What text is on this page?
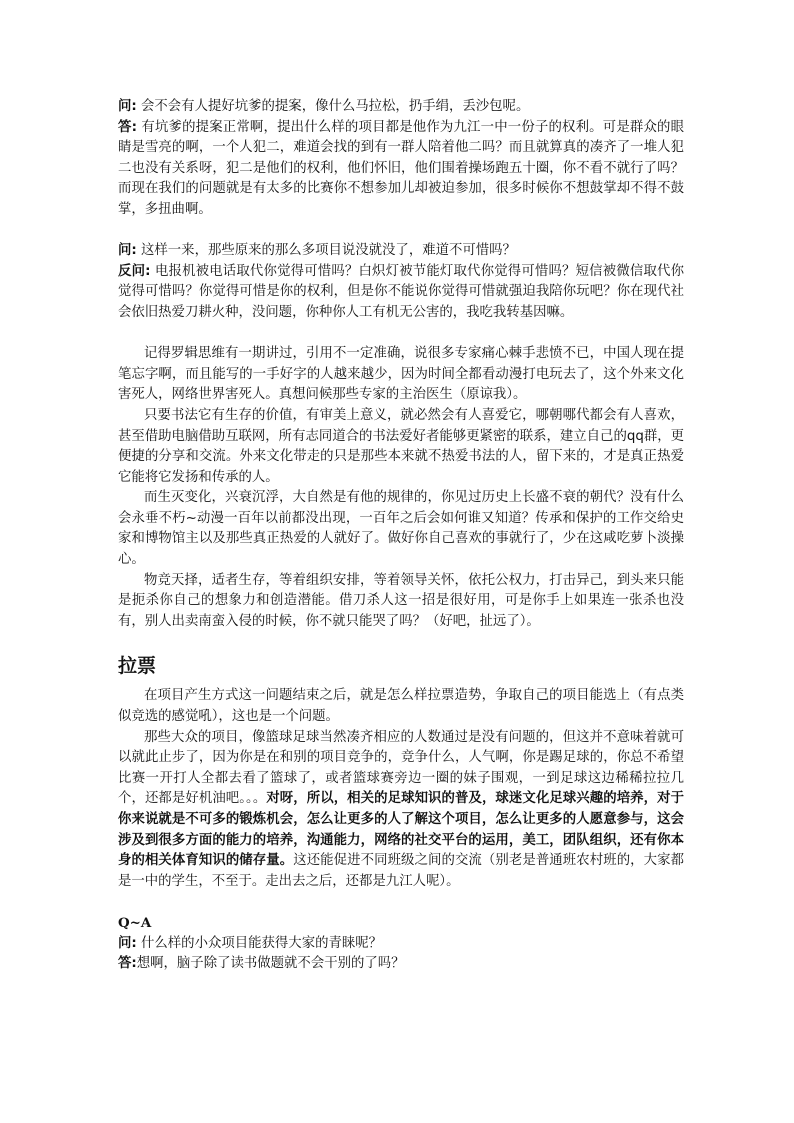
问: 会不会有人提好坑爹的提案，像什么马拉松，扔手绢，丢沙包呢。

答: 有坑爹的提案正常啊，提出什么样的项目都是他作为九江一中一份子的权利。可是群众的眼睛是雪亮的啊，一个人犯二，难道会找的到有一群人陪着他二吗？而且就算真的凑齐了一堆人犯二也没有关系呀，犯二是他们的权利，他们怀旧，他们围着操场跑五十圈，你不看不就行了吗？而现在我们的问题就是有太多的比赛你不想参加儿却被迫参加，很多时候你不想鼓掌却不得不鼓掌，多扭曲啊。

问: 这样一来，那些原来的那么多项目说没就没了，难道不可惜吗？

反问: 电报机被电话取代你觉得可惜吗？白炽灯被节能灯取代你觉得可惜吗？短信被微信取代你觉得可惜吗？你觉得可惜是你的权利，但是你不能说你觉得可惜就强迫我陪你玩吧？你在现代社会依旧热爱刀耕火种，没问题，你种你人工有机无公害的，我吃我转基因嘛。

记得罗辑思维有一期讲过，引用不一定准确，说很多专家痛心棘手悲愤不已，中国人现在提笔忘字啊，而且能写的一手好字的人越来越少，因为时间全都看动漫打电玩去了，这个外来文化害死人，网络世界害死人。真想问候那些专家的主治医生（原谅我）。

只要书法它有生存的价值，有审美上意义，就必然会有人喜爱它，哪朝哪代都会有人喜欢，甚至借助电脑借助互联网，所有志同道合的书法爱好者能够更紧密的联系，建立自己的qq群，更便捷的分享和交流。外来文化带走的只是那些本来就不热爱书法的人，留下来的，才是真正热爱它能将它发扬和传承的人。

而生灭变化，兴衰沉浮，大自然是有他的规律的，你见过历史上长盛不衰的朝代？没有什么会永垂不朽~动漫一百年以前都没出现，一百年之后会如何谁又知道？传承和保护的工作交给史家和博物馆主以及那些真正热爱的人就好了。做好你自己喜欢的事就行了，少在这咸吃萝卜淡操心。

物竞天择，适者生存，等着组织安排，等着领导关怀，依托公权力，打击异己，到头来只能是扼杀你自己的想象力和创造潜能。借刀杀人这一招是很好用，可是你手上如果连一张杀也没有，别人出卖南蛮入侵的时候，你不就只能哭了吗？（好吧，扯远了）。

拉票

在项目产生方式这一问题结束之后，就是怎么样拉票造势，争取自己的项目能选上（有点类似竞选的感觉吼），这也是一个问题。

那些大众的项目，像篮球足球当然凑齐相应的人数通过是没有问题的，但这并不意味着就可以就此止步了，因为你是在和别的项目竞争的，竞争什么，人气啊，你是踢足球的，你总不希望比赛一开打人全都去看了篮球了，或者篮球赛旁边一圈的妹子围观，一到足球这边稀稀拉拉几个，还都是好机油吧。。。对呀，所以，相关的足球知识的普及，球迷文化足球兴趣的培养，对于你来说就是不可多的锻炼机会，怎么让更多的人了解这个项目，怎么让更多的人愿意参与，这会涉及到很多方面的能力的培养，沟通能力，网络的社交平台的运用，美工，团队组织，还有你本身的相关体育知识的储存量。这还能促进不同班级之间的交流（别老是普通班农村班的，大家都是一中的学生，不至于。走出去之后，还都是九江人呢）。

Q~A

问: 什么样的小众项目能获得大家的青睐呢？

答:想啊，脑子除了读书做题就不会干别的了吗？
